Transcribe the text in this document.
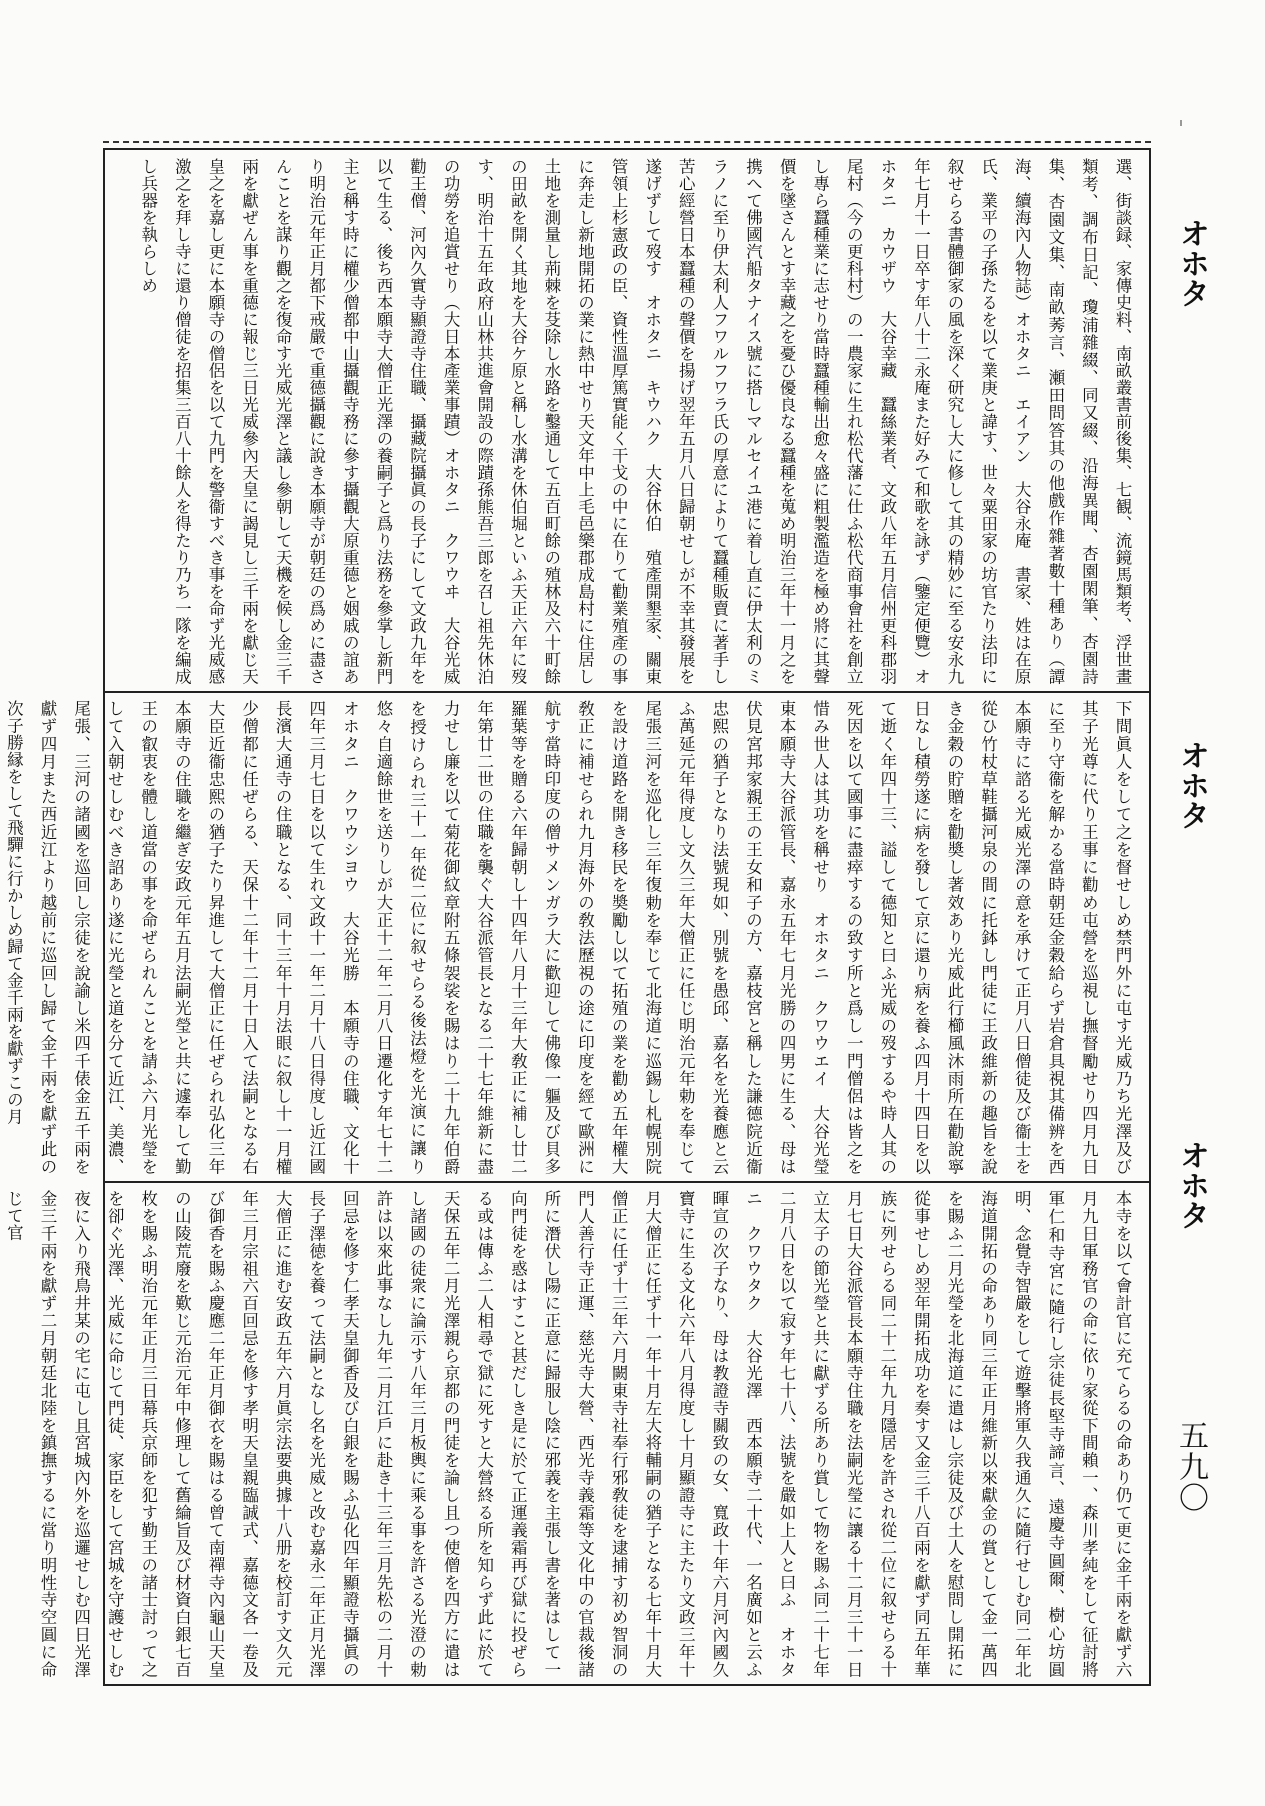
オホタ
オホタ
オホタ
五九〇

選、街談録、家傳史料、南畝叢書前後集、七観、流鏡馬類考、浮世畫類考、調布日記、瓊浦雜綴、同又綴、沿海異聞、杏園閑筆、杏園詩集、杏園文集、南畝莠言、瀬田問答其の他戲作雜著數十種あり（譚海、續海內人物誌）オホタニ　エイアン　大谷永庵　書家、姓は在原氏、業平の子孫たるを以て業庚と諱す、世々粟田家の坊官たり法印に叙せらる書體御家の風を深く研究し大に修して其の精妙に至る安永九年七月十一日卒す年八十二永庵また好みて和歌を詠ず（鑒定便覽）オホタニ　カウザウ　大谷幸藏　蠶絲業者、文政八年五月信州更科郡羽尾村（今の更科村）の一農家に生れ松代藩に仕ふ松代商事會社を創立し專ら蠶種業に志せり當時蠶種輸出愈々盛に粗製濫造を極め將に其聲價を墜さんとす幸藏之を憂ひ優良なる蠶種を蒐め明治三年十一月之を携へて佛國汽船タナイス號に搭しマルセイユ港に着し直に伊太利のミラノに至り伊太利人フワルフワラ氏の厚意によりて蠶種販賣に著手し苦心經營日本蠶種の聲價を揚げ翌年五月八日歸朝せしが不幸其發展を遂げずして歿す　オホタニ　キウハク　大谷休伯　殖產開墾家、關東管領上杉憲政の臣、資性溫厚篤實能く干戈の中に在りて勸業殖產の事に奔走し新地開拓の業に熱中せり天文年中上毛邑樂郡成島村に住居し土地を測量し荊棘を芟除し水路を鑿通して五百町餘の殖林及六十町餘の田畝を開く其地を大谷ケ原と稱し水溝を休伯堀といふ天正六年に歿す、明治十五年政府山林共進會開設の際蹟孫熊吾三郎を召し祖先休泊の功勞を追賞せり（大日本產業事蹟）オホタニ　クワウヰ　大谷光威　勸王僧、河內久實寺顯證寺住職、攝藏院攝眞の長子にして文政九年を以て生る、後ち西本願寺大僧正光澤の養嗣子と爲り法務を參掌し新門主と稱す時に權少僧都中山攝觀寺務に參す攝觀大原重德と姻戚の誼あり明治元年正月都下戒嚴で重德攝觀に說き本願寺が朝廷の爲めに盡さんことを謀り觀之を復命す光威光澤と議し參朝して天機を候し金三千兩を獻ぜん事を重德に報じ三日光威參內天皇に謁見し三千兩を獻じ天皇之を嘉し更に本願寺の僧侶を以て九門を警衞すべき事を命ず光威感激之を拜し寺に還り僧徒を招集三百八十餘人を得たり乃ち一隊を編成し兵器を執らしめ

下間眞人をして之を督せしめ禁門外に屯す光威乃ち光澤及び其子光尊に代り王事に勸め屯營を巡視し撫督勵せり四月九日に至り守衞を解かる當時朝廷金穀給らず岩倉具視其備辨を西本願寺に諮る光威光澤の意を承けて正月八日僧徒及び衞士を從ひ竹杖草鞋攝河泉の間に托鉢し門徒に王政維新の趣旨を說き金穀の貯贈を勸奬し著效あり光威此行櫛風沐雨所在勸說寧日なし積勞遂に病を發して京に還り病を養ふ四月十四日を以て逝く年四十三、謚して德知と曰ふ光威の歿するや時人其の死因を以て國事に盡瘁するの致す所と爲し一門僧侶は皆之を惜み世人は其功を稱せり　オホタニ　クワウエイ　大谷光瑩　東本願寺大谷派管長、嘉永五年七月光勝の四男に生る、母は伏見宮邦家親王の王女和子の方、嘉枝宮と稱した謙德院近衞忠熙の猶子となり法號現如、別號を愚邱、嘉名を光養應と云ふ萬延元年得度し文久三年大僧正に任じ明治元年勅を奉じて尾張三河を巡化し三年復勅を奉じて北海道に巡錫し札幌別院を設け道路を開き移民を奬勵し以て拓殖の業を勸め五年權大敎正に補せられ九月海外の敎法歷視の途に印度を經て歐洲に航す當時印度の僧サメンガラ大に歡迎して佛像一軀及び貝多羅葉等を贈る六年歸朝し十四年八月十三年大敎正に補し廿二年第廿二世の住職を襲ぐ大谷派管長となる二十七年維新に盡力せし廉を以て菊花御紋章附五條袈裟を賜はり二十九年伯爵を授けられ三十一年從二位に叙せらる後法燈を光演に讓り悠々自適餘世を送りしが大正十二年二月八日遷化す年七十二　オホタニ　クワウシヨウ　大谷光勝　本願寺の住職、文化十四年三月七日を以て生れ文政十一年二月十八日得度し近江國長濱大通寺の住職となる、同十三年十月法眼に叙し十一月權少僧都に任ぜらる、天保十二年十二月十日入て法嗣となる右大臣近衞忠熙の猶子たり昇進して大僧正に任ぜられ弘化三年本願寺の住職を繼ぎ安政元年五月法嗣光瑩と共に遽奉して勤王の叡衷を體し道當の事を命ぜられんことを請ふ六月光瑩をして入朝せしむべき詔あり遂に光瑩と道を分て近江、美濃、尾張、三河の諸國を巡回し宗徒を說諭し米四千俵金五千兩を獻ず四月また西近江より越前に巡回し歸て金千兩を獻ず此の次子勝縁をして飛驒に行かしめ歸て金千兩を獻ずこの月

本寺を以て會計官に充てらるの命あり仍て更に金千兩を獻ず六月九日軍務官の命に依り家從下間賴一、森川孝純をして征討將軍仁和寺宮に隨行し宗徒長堅寺諦言、遠慶寺圓爾、樹心坊圓明、念覺寺智嚴をして遊擊將軍久我通久に隨行せしむ同二年北海道開拓の命あり同三年正月維新以來獻金の賞として金一萬四を賜ふ二月光瑩を北海道に遣はし宗徒及び土人を慰問し開拓に從事せしめ翌年開拓成功を奏す又金三千八百兩を獻ず同五年華族に列せらる同二十二年九月隱居を許され從二位に叙せらる十月七日大谷派管長本願寺住職を法嗣光瑩に讓る十二月三十一日立太子の節光瑩と共に獻ずる所あり賞して物を賜ふ同二十七年二月八日を以て寂す年七十八、法號を嚴如上人と曰ふ　オホタニ　クワウタク　大谷光澤　西本願寺二十代、一名廣如と云ふ暉宣の次子なり、母は教證寺關致の女、寬政十年六月河內國久寶寺に生る文化六年八月得度し十月顯證寺に主たり文政三年十月大僧正に任ず十一年十月左大将輔嗣の猶子となる七年十月大僧正に任ず十三年六月闕東寺社奉行邪敎徒を逮捕す初め智洞の門人善行寺正運、慈光寺大營、西光寺義霜等文化中の官裁後諸所に潛伏し陽に正意に歸服し陰に邪義を主張し書を著はして一向門徒を惑はすこと甚だしき是に於て正運義霜再び獄に投ぜらる或は傳ふ二人相尋で獄に死すと大營終る所を知らず此に於て天保五年二月光澤親ら京都の門徒を論し且つ使僧を四方に遣はし諸國の徒衆に論示す八年三月板輿に乘る事を許さる光澄の勅許は以來此事なし九年二月江戶に赴き十三年三月先松の二月十回忌を修す仁孝天皇御香及び白銀を賜ふ弘化四年顯證寺攝眞の長子澤徳を養って法嗣となし名を光威と改む嘉永二年正月光澤大僧正に進む安政五年六月眞宗法要典據十八册を校訂す文久元年三月宗祖六百回忌を修す孝明天皇親臨誠式、嘉德文各一卷及び御香を賜ふ慶應二年正月御衣を賜はる曾て南禪寺內龜山天皇の山陵荒廢を歎じ元治元年中修理して舊綸旨及び材資白銀七百枚を賜ふ明治元年正月三日幕兵京師を犯す勤王の諸士討って之を卻ぐ光澤、光威に命じて門徒、家臣をして宮城を守護せしむ夜に入り飛鳥井某の宅に屯し且宮城內外を巡邏せしむ四日光澤金三千兩を獻ず二月朝廷北陸を鎮撫するに當り明性寺空圓に命じて官
